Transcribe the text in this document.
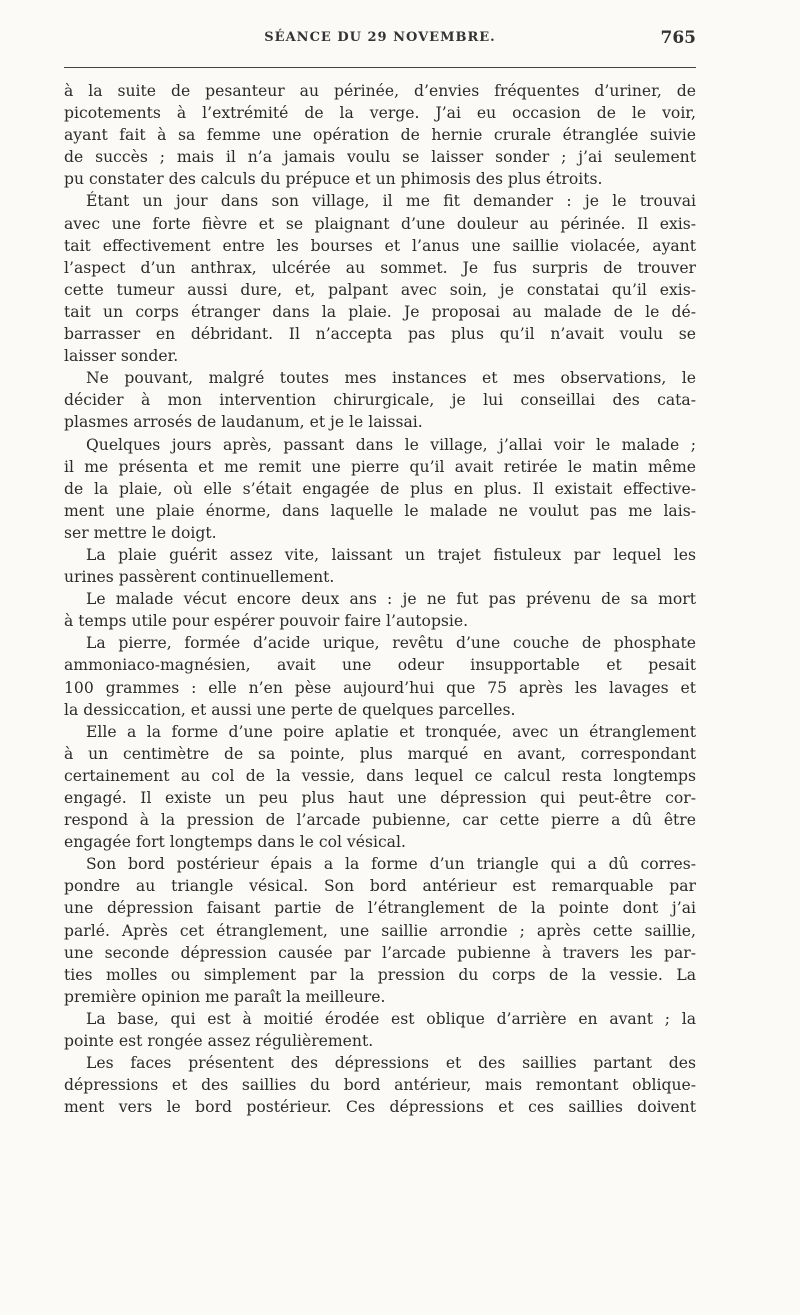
SÉANCE DU 29 NOVEMBRE.	765
à la suite de pesanteur au périnée, d’envies fréquentes d’uriner, de
picotements à l’extrémité de la verge. J’ai eu occasion de le voir,
ayant fait à sa femme une opération de hernie crurale étranglée suivie
de succès ; mais il n’a jamais voulu se laisser sonder ; j’ai seulement
pu constater des calculs du prépuce et un phimosis des plus étroits.
Étant un jour dans son village, il me fit demander : je le trouvai
avec une forte fièvre et se plaignant d’une douleur au périnée. Il exis-
tait effectivement entre les bourses et l’anus une saillie violacée, ayant
l’aspect d’un anthrax, ulcérée au sommet. Je fus surpris de trouver
cette tumeur aussi dure, et, palpant avec soin, je constatai qu’il exis-
tait un corps étranger dans la plaie. Je proposai au malade de le dé-
barrasser en débridant. Il n’accepta pas plus qu’il n’avait voulu se
laisser sonder.
Ne pouvant, malgré toutes mes instances et mes observations, le
décider à mon intervention chirurgicale, je lui conseillai des cata-
plasmes arrosés de laudanum, et je le laissai.
Quelques jours après, passant dans le village, j’allai voir le malade ;
il me présenta et me remit une pierre qu’il avait retirée le matin même
de la plaie, où elle s’était engagée de plus en plus. Il existait effective-
ment une plaie énorme, dans laquelle le malade ne voulut pas me lais-
ser mettre le doigt.
La plaie guérit assez vite, laissant un trajet fistuleux par lequel les
urines passèrent continuellement.
Le malade vécut encore deux ans : je ne fut pas prévenu de sa mort
à temps utile pour espérer pouvoir faire l’autopsie.
La pierre, formée d’acide urique, revêtu d’une couche de phosphate
ammoniaco-magnésien, avait une odeur insupportable et pesait
100 grammes : elle n’en pèse aujourd’hui que 75 après les lavages et
la dessiccation, et aussi une perte de quelques parcelles.
Elle a la forme d’une poire aplatie et tronquée, avec un étranglement
à un centimètre de sa pointe, plus marqué en avant, correspondant
certainement au col de la vessie, dans lequel ce calcul resta longtemps
engagé. Il existe un peu plus haut une dépression qui peut-être cor-
respond à la pression de l’arcade pubienne, car cette pierre a dû être
engagée fort longtemps dans le col vésical.
Son bord postérieur épais a la forme d’un triangle qui a dû corres-
pondre au triangle vésical. Son bord antérieur est remarquable par
une dépression faisant partie de l’étranglement de la pointe dont j’ai
parlé. Après cet étranglement, une saillie arrondie ; après cette saillie,
une seconde dépression causée par l’arcade pubienne à travers les par-
ties molles ou simplement par la pression du corps de la vessie. La
première opinion me paraît la meilleure.
La base, qui est à moitié érodée est oblique d’arrière en avant ; la
pointe est rongée assez régulièrement.
Les faces présentent des dépressions et des saillies partant des
dépressions et des saillies du bord antérieur, mais remontant oblique-
ment vers le bord postérieur. Ces dépressions et ces saillies doivent
